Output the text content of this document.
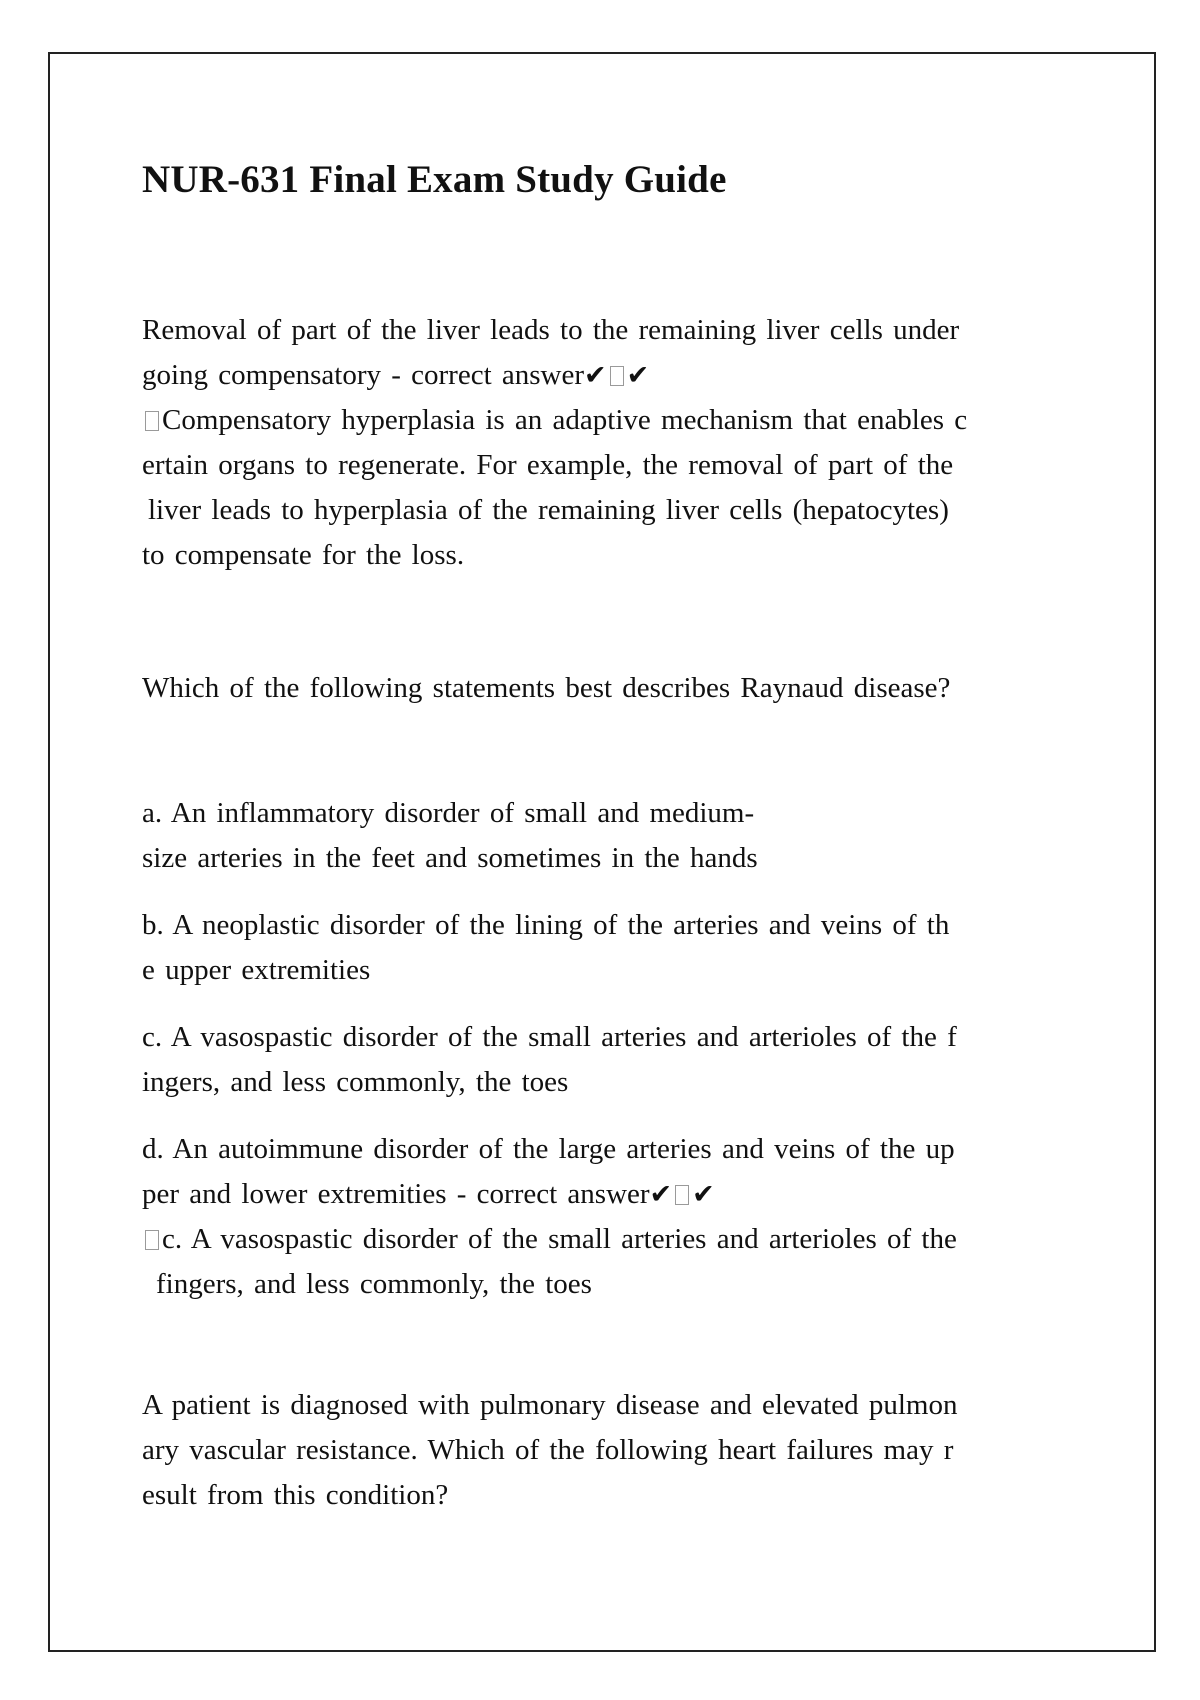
NUR-631 Final Exam Study Guide

Removal of part of the liver leads to the remaining liver cells under
going compensatory - correct answer✔ ✔

Compensatory hyperplasia is an adaptive mechanism that enables c
ertain organs to regenerate. For example, the removal of part of the
liver leads to hyperplasia of the remaining liver cells (hepatocytes)
to compensate for the loss.

Which of the following statements best describes Raynaud disease?

a. An inflammatory disorder of small and medium-
size arteries in the feet and sometimes in the hands

b. A neoplastic disorder of the lining of the arteries and veins of th
e upper extremities

c. A vasospastic disorder of the small arteries and arterioles of the f
ingers, and less commonly, the toes

d. An autoimmune disorder of the large arteries and veins of the up
per and lower extremities - correct answer✔ ✔

c. A vasospastic disorder of the small arteries and arterioles of the
fingers, and less commonly, the toes

A patient is diagnosed with pulmonary disease and elevated pulmon
ary vascular resistance. Which of the following heart failures may r
esult from this condition?
